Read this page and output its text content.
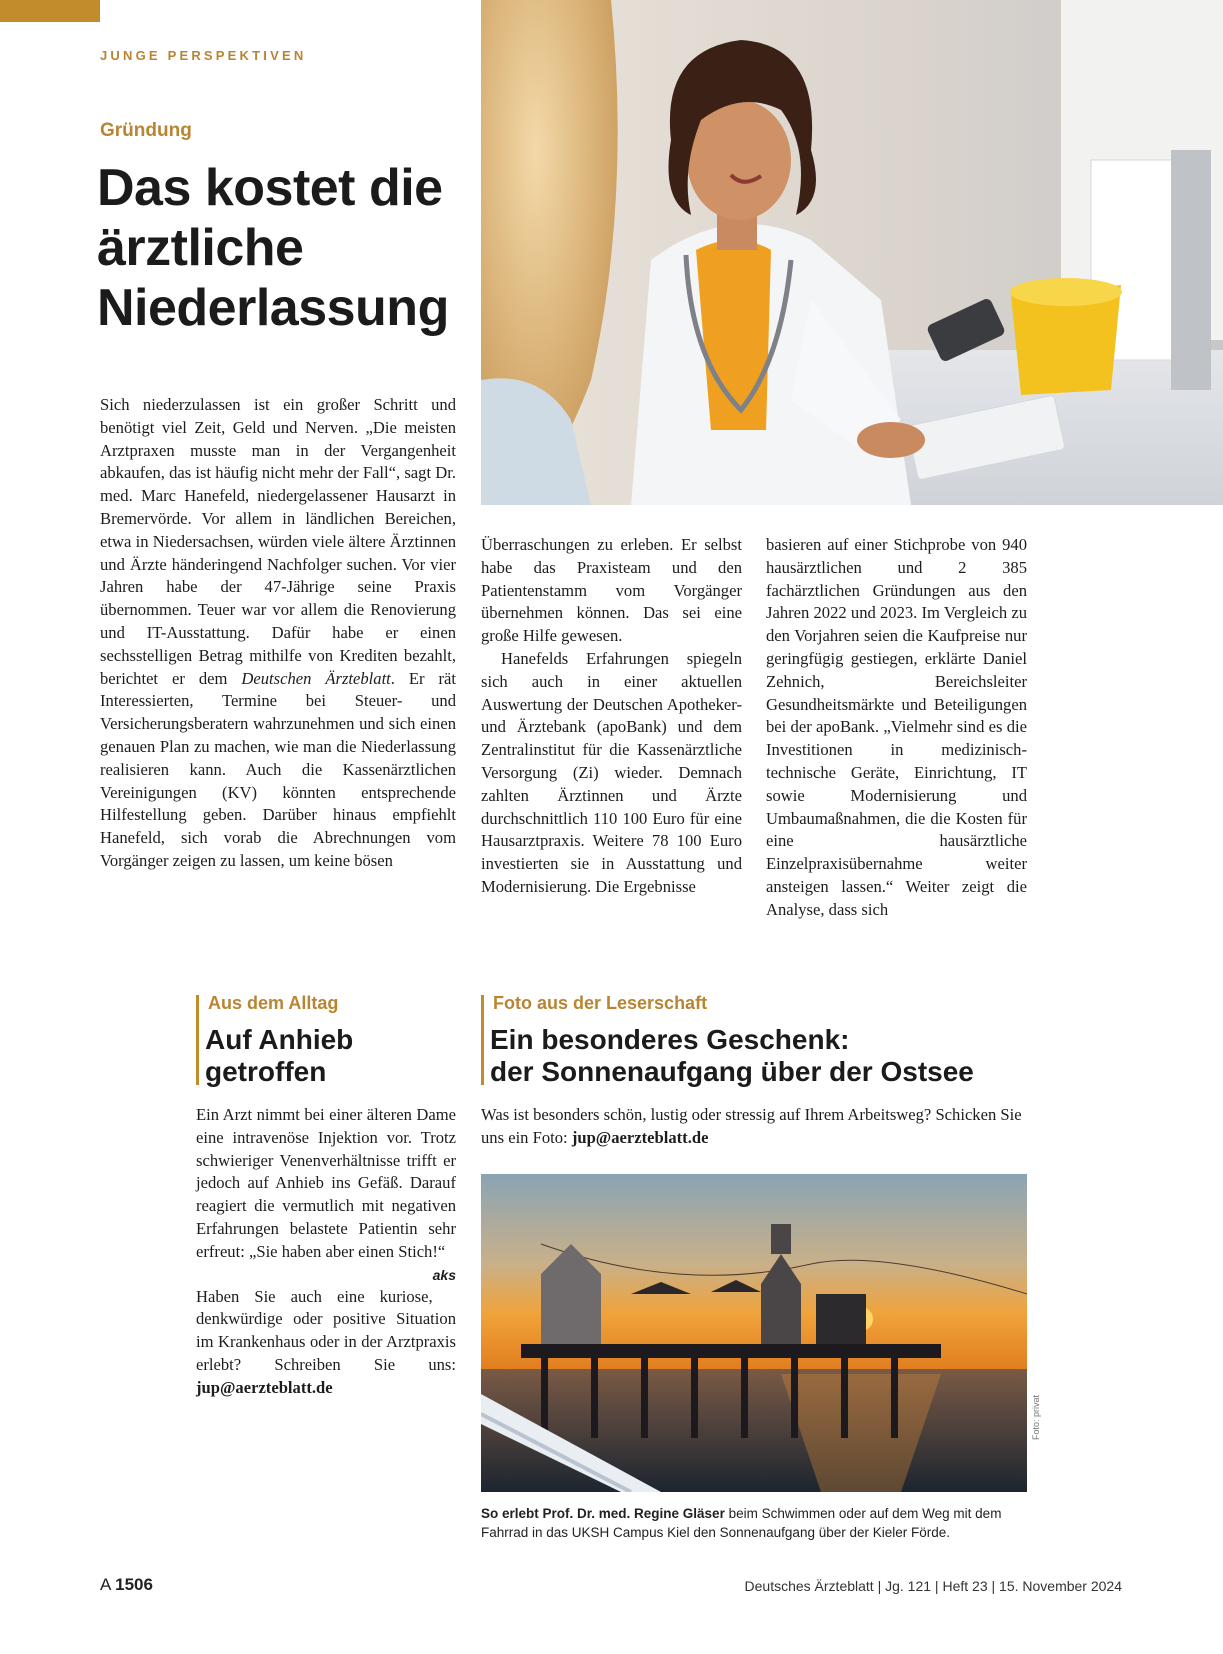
JUNGE PERSPEKTIVEN
Gründung
Das kostet die ärztliche Niederlassung

Sich niederzulassen ist ein großer Schritt und benötigt viel Zeit, Geld und Nerven. „Die meisten Arztpraxen musste man in der Vergangenheit abkaufen, das ist häufig nicht mehr der Fall“, sagt Dr. med. Marc Hanefeld, niedergelassener Hausarzt in Bremervörde. Vor allem in ländlichen Bereichen, etwa in Niedersachsen, würden viele ältere Ärztinnen und Ärzte händeringend Nachfolger suchen. Vor vier Jahren habe der 47-Jährige seine Praxis übernommen. Teuer war vor allem die Renovierung und IT-Ausstattung. Dafür habe er einen sechsstelligen Betrag mithilfe von Krediten bezahlt, berichtet er dem Deutschen Ärzteblatt. Er rät Interessierten, Termine bei Steuer- und Versicherungsberatern wahrzunehmen und sich einen genauen Plan zu machen, wie man die Niederlassung realisieren kann. Auch die Kassenärztlichen Vereinigungen (KV) könnten entsprechende Hilfestellung geben. Darüber hinaus empfiehlt Hanefeld, sich vorab die Abrechnungen vom Vorgänger zeigen zu lassen, um keine bösen

Überraschungen zu erleben. Er selbst habe das Praxisteam und den Patientenstamm vom Vorgänger übernehmen können. Das sei eine große Hilfe gewesen.

Hanefelds Erfahrungen spiegeln sich auch in einer aktuellen Auswertung der Deutschen Apotheker- und Ärztebank (apoBank) und dem Zentralinstitut für die Kassenärztliche Versorgung (Zi) wieder. Demnach zahlten Ärztinnen und Ärzte durchschnittlich 110 100 Euro für eine Hausarztpraxis. Weitere 78 100 Euro investierten sie in Ausstattung und Modernisierung. Die Ergebnisse

basieren auf einer Stichprobe von 940 hausärztlichen und 2 385 fachärztlichen Gründungen aus den Jahren 2022 und 2023. Im Vergleich zu den Vorjahren seien die Kaufpreise nur geringfügig gestiegen, erklärte Daniel Zehnich, Bereichsleiter Gesundheitsmärkte und Beteiligungen bei der apoBank. „Vielmehr sind es die Investitionen in medizinisch-technische Geräte, Einrichtung, IT sowie Modernisierung und Umbaumaßnahmen, die die Kosten für eine hausärztliche Einzelpraxisübernahme weiter ansteigen lassen.“ Weiter zeigt die Analyse, dass sich

Aus dem Alltag
Auf Anhieb
getroffen

Ein Arzt nimmt bei einer älteren Dame eine intravenöse Injektion vor. Trotz schwieriger Venenverhältnisse trifft er jedoch auf Anhieb ins Gefäß. Darauf reagiert die vermutlich mit negativen Erfahrungen belastete Patientin sehr erfreut: „Sie haben aber einen Stich!“
aks

Haben Sie auch eine kuriose, denkwürdige oder positive Situation im Krankenhaus oder in der Arztpraxis erlebt? Schreiben Sie uns: jup@aerzteblatt.de

Foto aus der Leserschaft
Ein besonderes Geschenk:
der Sonnenaufgang über der Ostsee

Was ist besonders schön, lustig oder stressig auf Ihrem Arbeitsweg? Schicken Sie uns ein Foto: jup@aerzteblatt.de

Foto: privat
So erlebt Prof. Dr. med. Regine Gläser beim Schwimmen oder auf dem Weg mit dem Fahrrad in das UKSH Campus Kiel den Sonnenaufgang über der Kieler Förde.
A 1506	Deutsches Ärzteblatt | Jg. 121 | Heft 23 | 15. November 2024
